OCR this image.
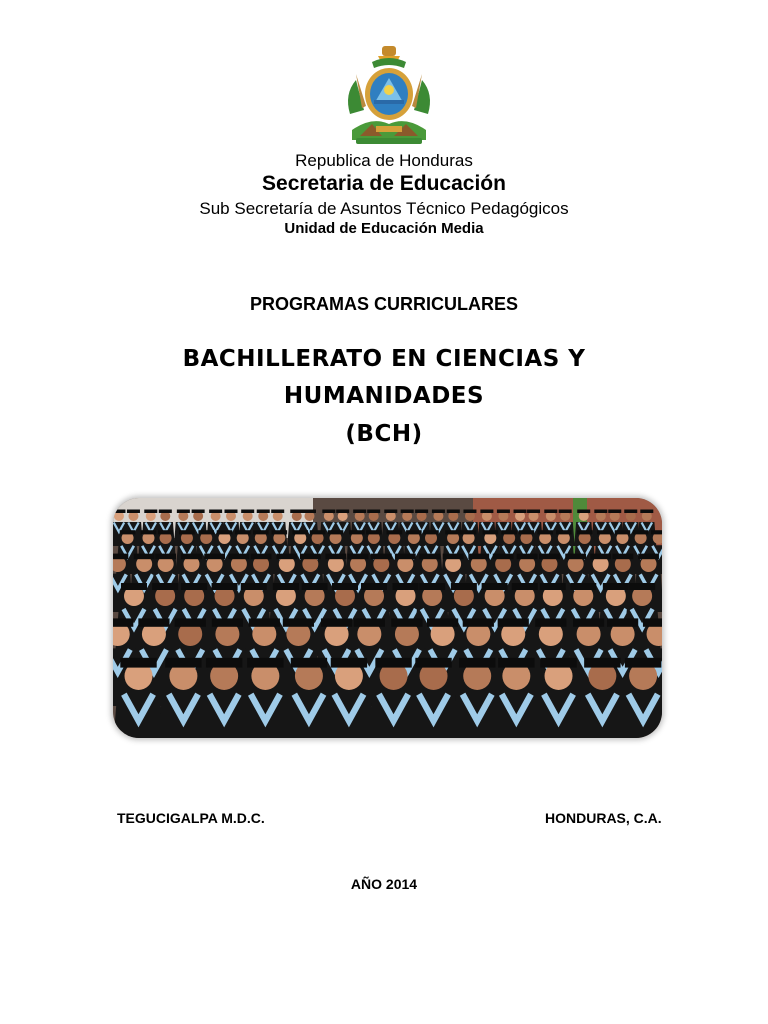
Republica de Honduras
Secretaria de Educación
Sub Secretaría de Asuntos Técnico Pedagógicos
Unidad de Educación Media
PROGRAMAS CURRICULARES
BACHILLERATO EN CIENCIAS Y
HUMANIDADES
(BCH)
TEGUCIGALPA M.D.C.	HONDURAS, C.A.
AÑO 2014
